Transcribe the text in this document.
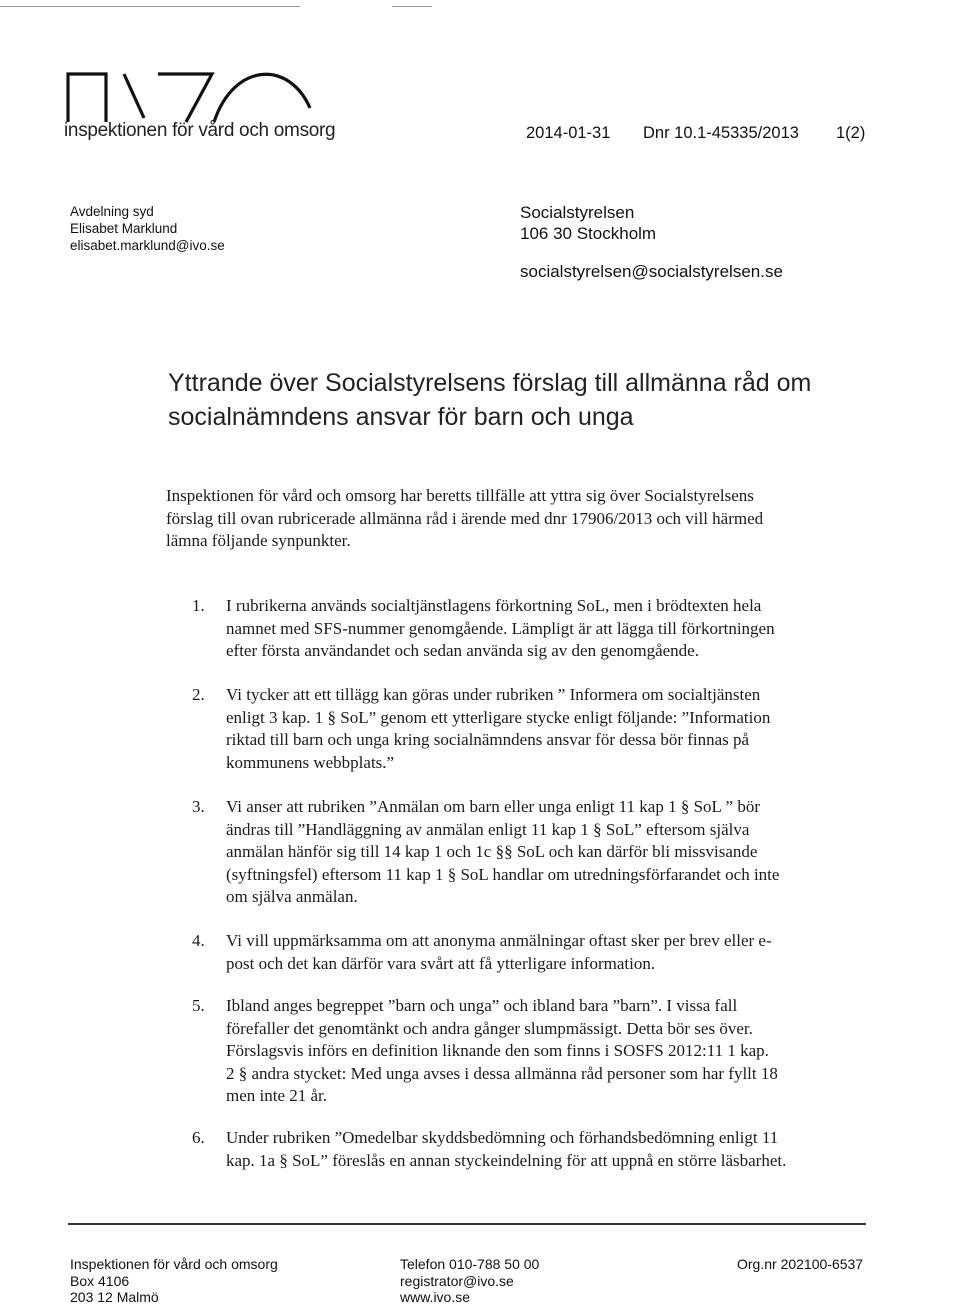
inspektionen för vård och omsorg	2014-01-31 Dnr 10.1-45335/2013 1(2)
Avdelning syd
Elisabet Marklund
elisabet.marklund@ivo.se
Socialstyrelsen
106 30 Stockholm
socialstyrelsen@socialstyrelsen.se
Yttrande över Socialstyrelsens förslag till allmänna råd om
socialnämndens ansvar för barn och unga
Inspektionen för vård och omsorg har beretts tillfälle att yttra sig över Socialstyrelsens
förslag till ovan rubricerade allmänna råd i ärende med dnr 17906/2013 och vill härmed
lämna följande synpunkter.
1. I rubrikerna används socialtjänstlagens förkortning SoL, men i brödtexten hela
namnet med SFS-nummer genomgående. Lämpligt är att lägga till förkortningen
efter första användandet och sedan använda sig av den genomgående.
2. Vi tycker att ett tillägg kan göras under rubriken ” Informera om socialtjänsten
enligt 3 kap. 1 § SoL” genom ett ytterligare stycke enligt följande: ”Information
riktad till barn och unga kring socialnämndens ansvar för dessa bör finnas på
kommunens webbplats.”
3. Vi anser att rubriken ”Anmälan om barn eller unga enligt 11 kap 1 § SoL ” bör
ändras till ”Handläggning av anmälan enligt 11 kap 1 § SoL” eftersom själva
anmälan hänför sig till 14 kap 1 och 1c §§ SoL och kan därför bli missvisande
(syftningsfel) eftersom 11 kap 1 § SoL handlar om utredningsförfarandet och inte
om själva anmälan.
4. Vi vill uppmärksamma om att anonyma anmälningar oftast sker per brev eller e-
post och det kan därför vara svårt att få ytterligare information.
5. Ibland anges begreppet ”barn och unga” och ibland bara ”barn”. I vissa fall
förefaller det genomtänkt och andra gånger slumpmässigt. Detta bör ses över.
Förslagsvis införs en definition liknande den som finns i SOSFS 2012:11 1 kap.
2 § andra stycket: Med unga avses i dessa allmänna råd personer som har fyllt 18
men inte 21 år.
6. Under rubriken ”Omedelbar skyddsbedömning och förhandsbedömning enligt 11
kap. 1a § SoL” föreslås en annan styckeindelning för att uppnå en större läsbarhet.
Inspektionen för vård och omsorg
Box 4106
203 12 Malmö
Telefon 010-788 50 00
registrator@ivo.se
www.ivo.se
Org.nr 202100-6537
